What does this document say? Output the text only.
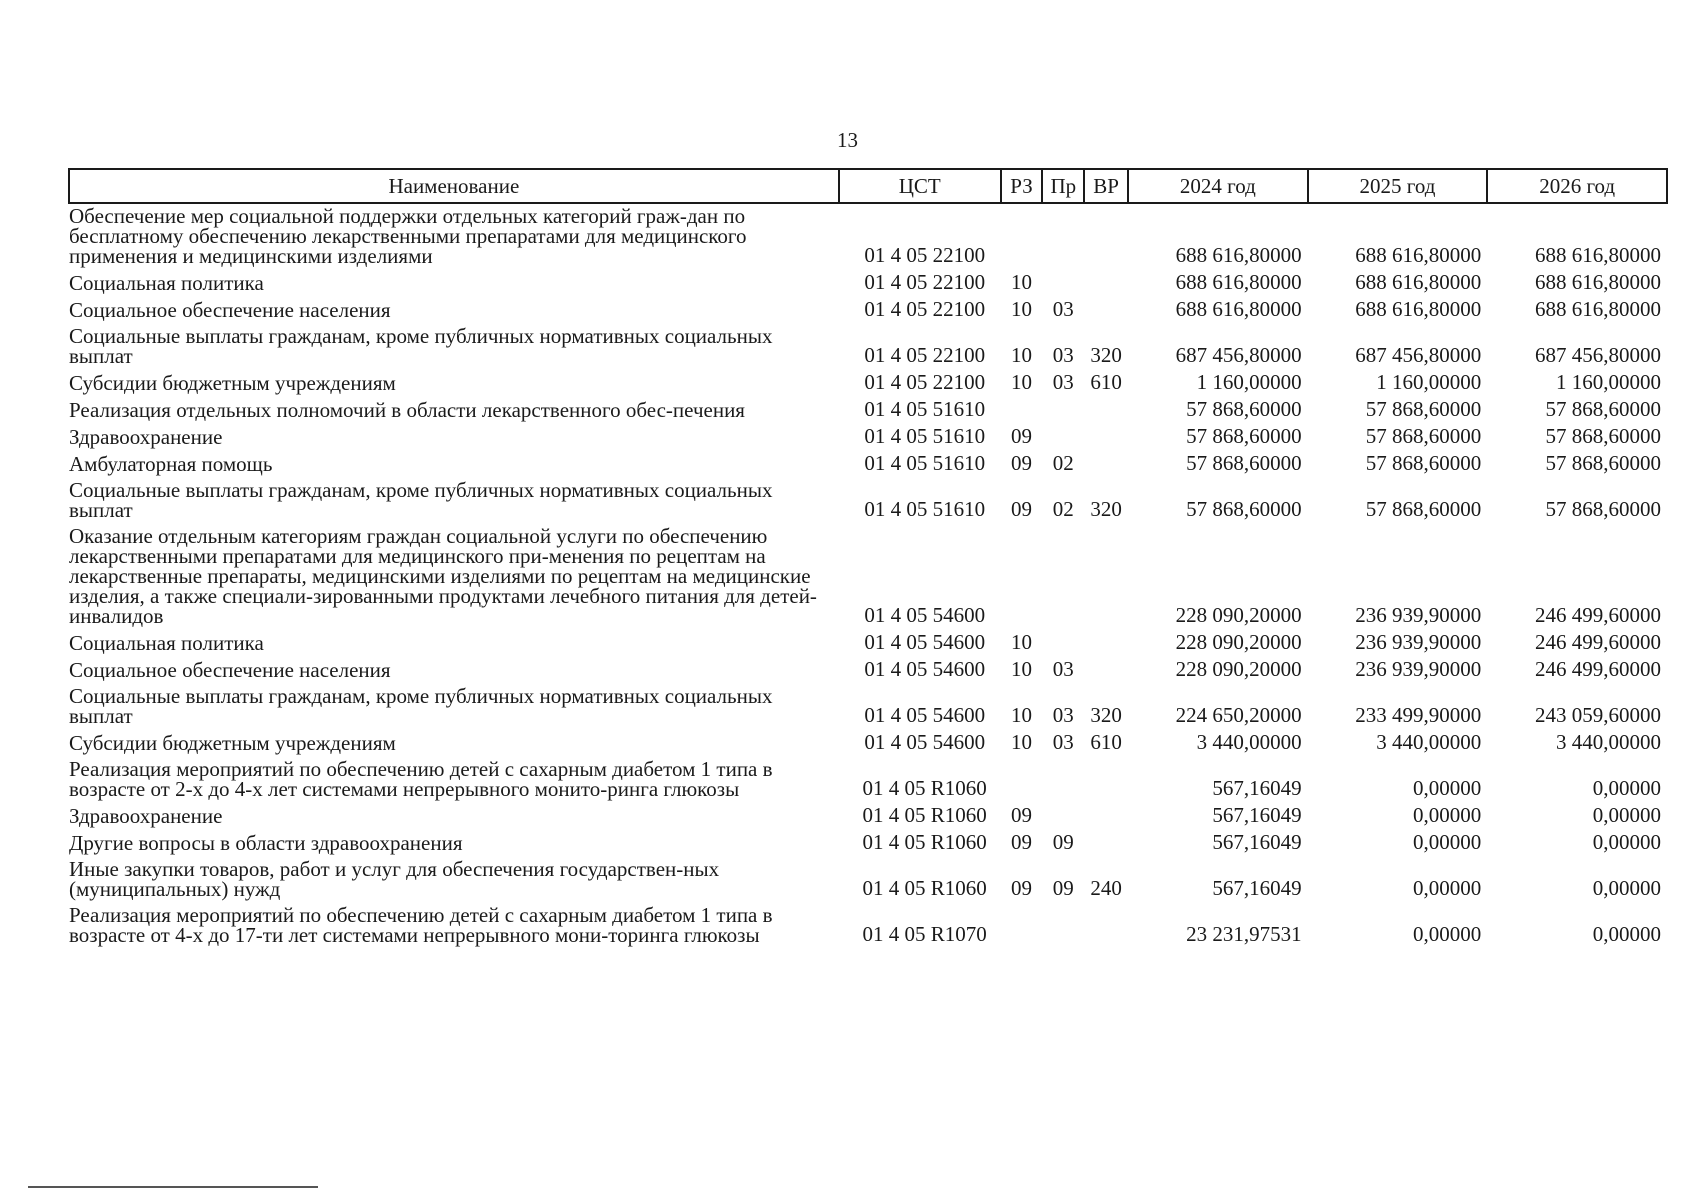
13
Наименование	ЦСТ	РЗ	Пр	ВР	2024 год	2025 год	2026 год
Обеспечение мер социальной поддержки отдельных категорий граж-дан по бесплатному обеспечению лекарственными препаратами для медицинского применения и медицинскими изделиями	01 4 05 22100				688 616,80000	688 616,80000	688 616,80000
Социальная политика	01 4 05 22100	10			688 616,80000	688 616,80000	688 616,80000
Социальное обеспечение населения	01 4 05 22100	10	03		688 616,80000	688 616,80000	688 616,80000
Социальные выплаты гражданам, кроме публичных нормативных социальных выплат	01 4 05 22100	10	03	320	687 456,80000	687 456,80000	687 456,80000
Субсидии бюджетным учреждениям	01 4 05 22100	10	03	610	1 160,00000	1 160,00000	1 160,00000
Реализация отдельных полномочий в области лекарственного обес-печения	01 4 05 51610				57 868,60000	57 868,60000	57 868,60000
Здравоохранение	01 4 05 51610	09			57 868,60000	57 868,60000	57 868,60000
Амбулаторная помощь	01 4 05 51610	09	02		57 868,60000	57 868,60000	57 868,60000
Социальные выплаты гражданам, кроме публичных нормативных социальных выплат	01 4 05 51610	09	02	320	57 868,60000	57 868,60000	57 868,60000
Оказание отдельным категориям граждан социальной услуги по обеспечению лекарственными препаратами для медицинского при-менения по рецептам на лекарственные препараты, медицинскими изделиями по рецептам на медицинские изделия, а также специали-зированными продуктами лечебного питания для детей-инвалидов	01 4 05 54600				228 090,20000	236 939,90000	246 499,60000
Социальная политика	01 4 05 54600	10			228 090,20000	236 939,90000	246 499,60000
Социальное обеспечение населения	01 4 05 54600	10	03		228 090,20000	236 939,90000	246 499,60000
Социальные выплаты гражданам, кроме публичных нормативных социальных выплат	01 4 05 54600	10	03	320	224 650,20000	233 499,90000	243 059,60000
Субсидии бюджетным учреждениям	01 4 05 54600	10	03	610	3 440,00000	3 440,00000	3 440,00000
Реализация мероприятий по обеспечению детей с сахарным диабетом 1 типа в возрасте от 2-х до 4-х лет системами непрерывного монито-ринга глюкозы	01 4 05 R1060				567,16049	0,00000	0,00000
Здравоохранение	01 4 05 R1060	09			567,16049	0,00000	0,00000
Другие вопросы в области здравоохранения	01 4 05 R1060	09	09		567,16049	0,00000	0,00000
Иные закупки товаров, работ и услуг для обеспечения государствен-ных (муниципальных) нужд	01 4 05 R1060	09	09	240	567,16049	0,00000	0,00000
Реализация мероприятий по обеспечению детей с сахарным диабетом 1 типа в возрасте от 4-х до 17-ти лет системами непрерывного мони-торинга глюкозы	01 4 05 R1070				23 231,97531	0,00000	0,00000
